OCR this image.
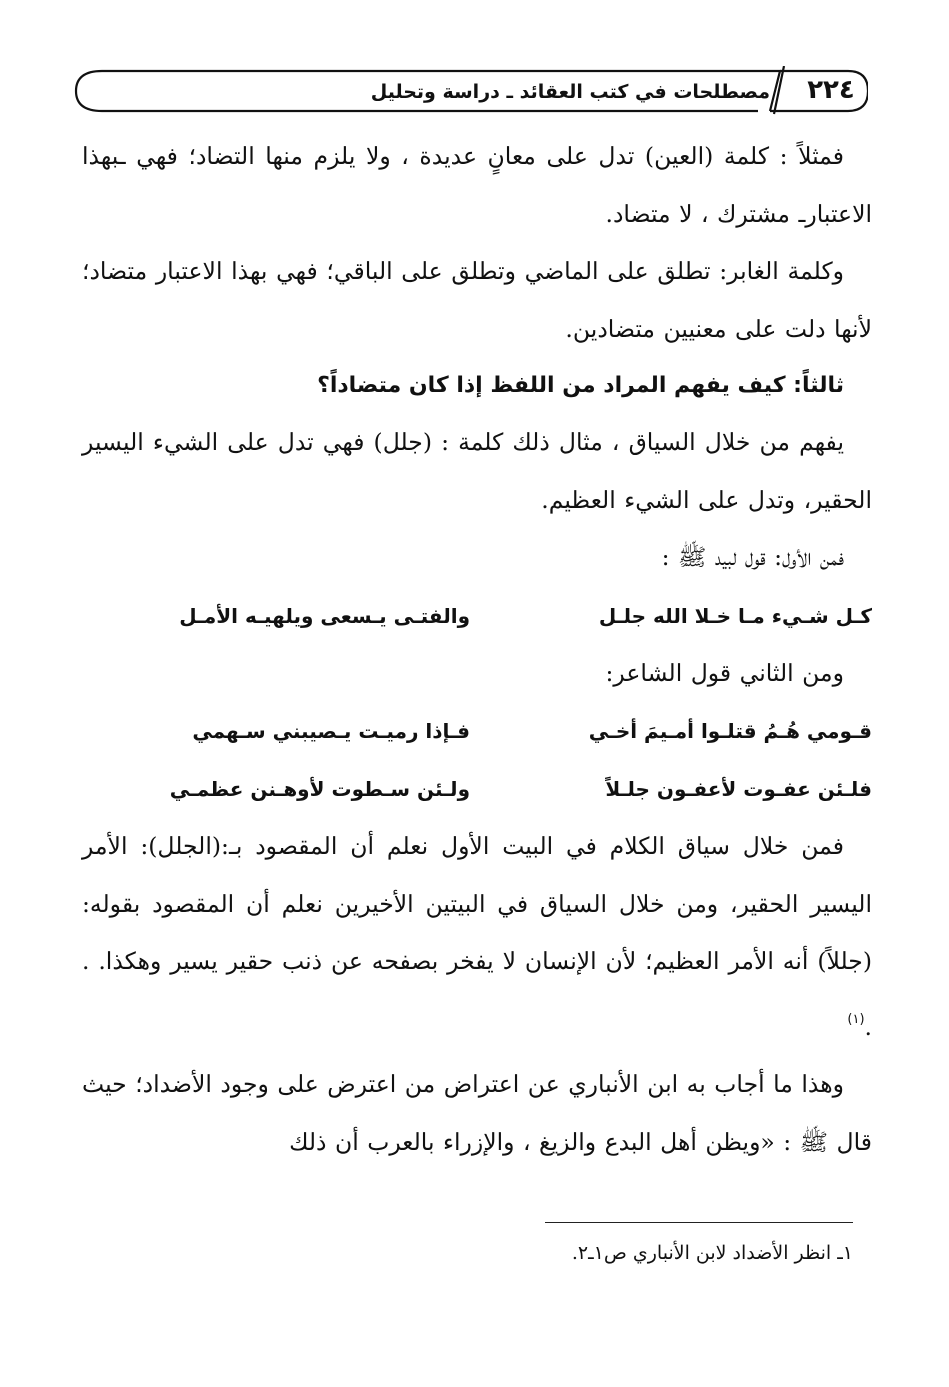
٢٢٤
مصطلحات في كتب العقائد ـ دراسة وتحليل

فمثلاً : كلمة (العين) تدل على معانٍ عديدة ، ولا يلزم منها التضاد؛ فهي ـبهذا الاعتبارـ مشترك ، لا متضاد.

وكلمة الغابر: تطلق على الماضي وتطلق على الباقي؛ فهي بهذا الاعتبار متضاد؛ لأنها دلت على معنيين متضادين.

ثالثاً: كيف يفهم المراد من اللفظ إذا كان متضاداً؟

يفهم من خلال السياق ، مثال ذلك كلمة : (جلل) فهي تدل على الشيء اليسير الحقير، وتدل على الشيء العظيم.

فمن الأول: قول لبيد ﷺ :

كـل شـيء مـا خـلا الله جلـل
والفتـى يـسعى ويلهيـه الأمـل

ومن الثاني قول الشاعر:

قـومي هُـمُ قتلـوا أمـيمَ أخـي
فـإذا رميـت يـصيبني سـهمي
فلـئن عفـوت لأعفـون جلـلاً
ولـئن سـطوت لأوهـنن عظمـي

فمن خلال سياق الكلام في البيت الأول نعلم أن المقصود بـ:(الجلل): الأمر اليسير الحقير، ومن خلال السياق في البيتين الأخيرين نعلم أن المقصود بقوله: (جللاً) أنه الأمر العظيم؛ لأن الإنسان لا يفخر بصفحه عن ذنب حقير يسير وهكذا. . .$^{(١)}$

وهذا ما أجاب به ابن الأنباري عن اعتراض من اعترض على وجود الأضداد؛ حيث قال ﷺ : «ويظن أهل البدع والزيغ ، والإزراء بالعرب أن ذلك

١ـ انظر الأضداد لابن الأنباري ص١ـ٢.
